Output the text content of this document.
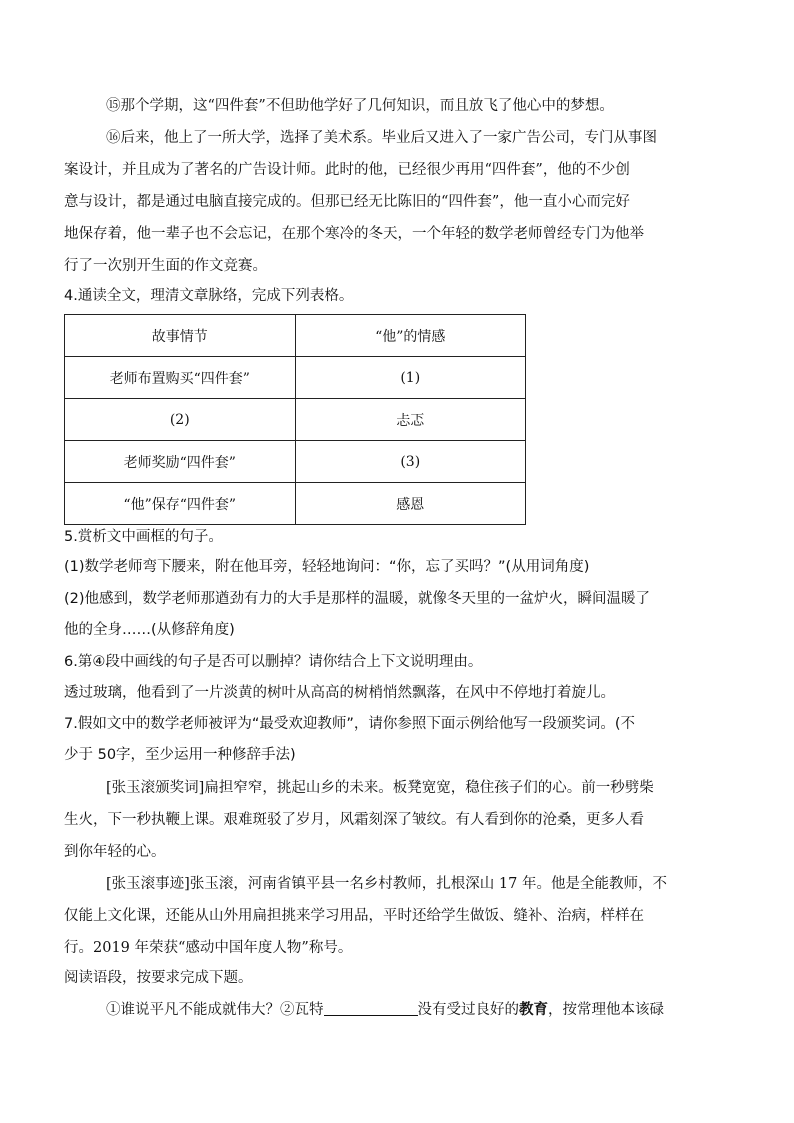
⑮那个学期，这“四件套”不但助他学好了几何知识，而且放飞了他心中的梦想。
⑯后来，他上了一所大学，选择了美术系。毕业后又进入了一家广告公司，专门从事图
案设计，并且成为了著名的广告设计师。此时的他，已经很少再用“四件套”，他的不少创
意与设计，都是通过电脑直接完成的。但那已经无比陈旧的“四件套”，他一直小心而完好
地保存着，他一辈子也不会忘记，在那个寒冷的冬天，一个年轻的数学老师曾经专门为他举
行了一次别开生面的作文竞赛。
4.通读全文，理清文章脉络，完成下列表格。
故事情节	“他”的情感
老师布置购买“四件套”	(1)
(2)	忐忑
老师奖励“四件套”	(3)
“他”保存“四件套”	感恩
5.赏析文中画框的句子。
(1)数学老师弯下腰来，附在他耳旁，轻轻地询问：“你，忘了买吗？”(从用词角度)
(2)他感到，数学老师那遒劲有力的大手是那样的温暖，就像冬天里的一盆炉火，瞬间温暖了
他的全身……(从修辞角度)
6.第④段中画线的句子是否可以删掉？请你结合上下文说明理由。
透过玻璃，他看到了一片淡黄的树叶从高高的树梢悄然飘落，在风中不停地打着旋儿。
7.假如文中的数学老师被评为“最受欢迎教师”，请你参照下面示例给他写一段颁奖词。(不
少于 50字，至少运用一种修辞手法)
[张玉滚颁奖词]扁担窄窄，挑起山乡的未来。板凳宽宽，稳住孩子们的心。前一秒劈柴
生火，下一秒执鞭上课。艰难斑驳了岁月，风霜刻深了皱纹。有人看到你的沧桑，更多人看
到你年轻的心。
[张玉滚事迹]张玉滚，河南省镇平县一名乡村教师，扎根深山 17 年。他是全能教师，不
仅能上文化课，还能从山外用扁担挑来学习用品，平时还给学生做饭、缝补、治病，样样在
行。2019 年荣获“感动中国年度人物”称号。
阅读语段，按要求完成下题。
①谁说平凡不能成就伟大？②瓦特	没有受过良好的教育，按常理他本该碌
